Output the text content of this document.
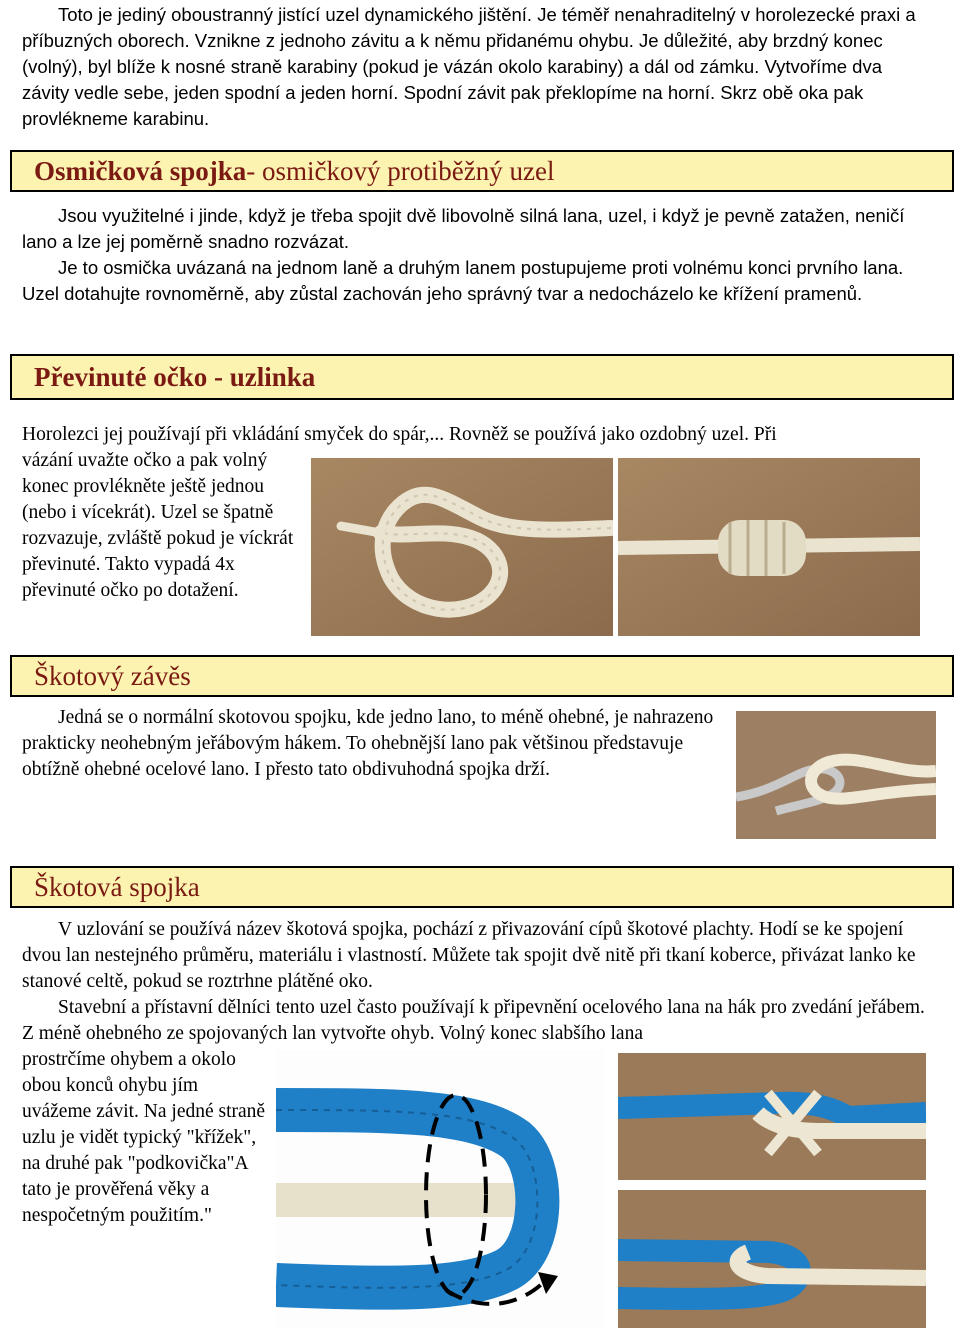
Toto je jediný oboustranný jistící uzel dynamického jištění. Je téměř nenahraditelný v horolezecké praxi a příbuzných oborech. Vznikne z jednoho závitu a k němu přidanému ohybu. Je důležité, aby brzdný konec (volný), byl blíže k nosné straně karabiny (pokud je vázán okolo karabiny) a dál od zámku. Vytvoříme dva závity vedle sebe, jeden spodní a jeden horní. Spodní závit pak překlopíme na horní. Skrz obě oka pak provlékneme karabinu.

Osmičková spojka - osmičkový protiběžný uzel

Jsou využitelné i jinde, když je třeba spojit dvě libovolně silná lana, uzel, i když je pevně zatažen, neničí lano a lze jej poměrně snadno rozvázat.

Je to osmička uvázaná na jednom laně a druhým lanem postupujeme proti volnému konci prvního lana. Uzel dotahujte rovnoměrně, aby zůstal zachován jeho správný tvar a nedocházelo ke křížení pramenů.

Převinuté očko - uzlinka

Horolezci jej používají při vkládání smyček do spár,... Rovněž se používá jako ozdobný uzel. Při

vázání uvažte očko a pak volný konec provlékněte ještě jednou (nebo i vícekrát). Uzel se špatně rozvazuje, zvláště pokud je víckrát převinuté. Takto vypadá 4x převinuté očko po dotažení.

Škotový závěs

Jedná se o normální skotovou spojku, kde jedno lano, to méně ohebné, je nahrazeno prakticky neohebným jeřábovým hákem. To ohebnější lano pak většinou představuje obtížně ohebné ocelové lano. I přesto tato obdivuhodná spojka drží.

Škotová spojka

V uzlování se používá název škotová spojka, pochází z přivazování cípů škotové plachty. Hodí se ke spojení dvou lan nestejného průměru, materiálu i vlastností. Můžete tak spojit dvě nitě při tkaní koberce, přivázat lanko ke stanové celtě, pokud se roztrhne plátěné oko.

Stavební a přístavní dělníci tento uzel často používají k připevnění ocelového lana na hák pro zvedání jeřábem. Z méně ohebného ze spojovaných lan vytvořte ohyb. Volný konec slabšího lana

prostrčíme ohybem a okolo obou konců ohybu jím uvážeme závit. Na jedné straně uzlu je vidět typický "křížek", na druhé pak "podkovička"A tato je prověřená věky a nespočetným použitím."
